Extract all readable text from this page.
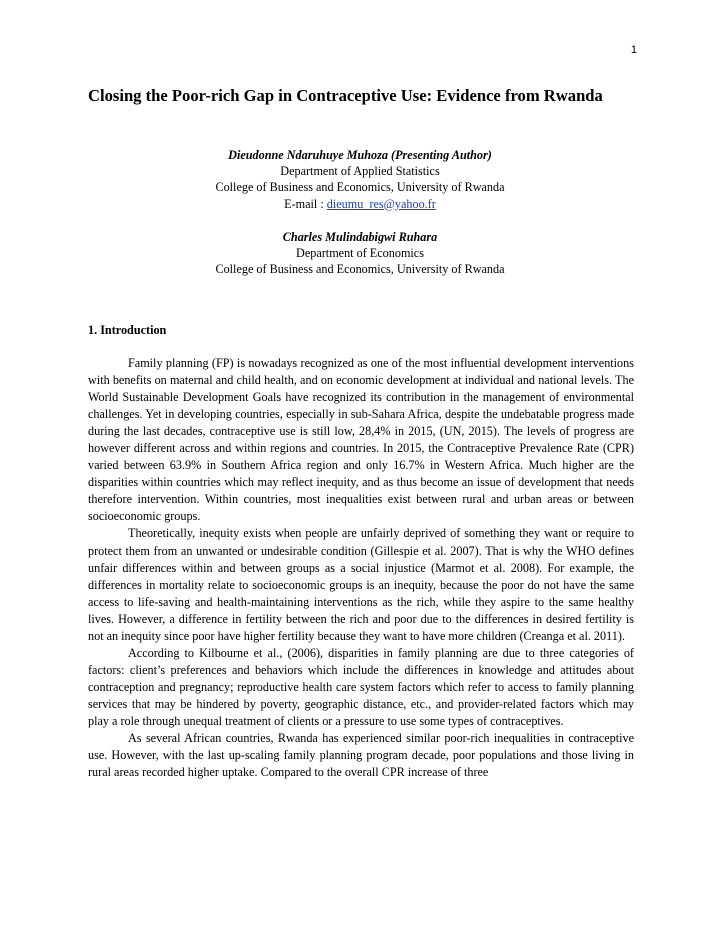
1
Closing the Poor-rich Gap in Contraceptive Use: Evidence from Rwanda
Dieudonne Ndaruhuye Muhoza (Presenting Author)
Department of Applied Statistics
College of Business and Economics, University of Rwanda
E-mail : dieumu_res@yahoo.fr
Charles Mulindabigwi Ruhara
Department of Economics
College of Business and Economics, University of Rwanda
1. Introduction

Family planning (FP) is nowadays recognized as one of the most influential development interventions with benefits on maternal and child health, and on economic development at individual and national levels. The World Sustainable Development Goals have recognized its contribution in the management of environmental challenges. Yet in developing countries, especially in sub-Sahara Africa, despite the undebatable progress made during the last decades, contraceptive use is still low, 28,4% in 2015, (UN, 2015). The levels of progress are however different across and within regions and countries. In 2015, the Contraceptive Prevalence Rate (CPR) varied between 63.9% in Southern Africa region and only 16.7% in Western Africa. Much higher are the disparities within countries which may reflect inequity, and as thus become an issue of development that needs therefore intervention. Within countries, most inequalities exist between rural and urban areas or between socioeconomic groups.

Theoretically, inequity exists when people are unfairly deprived of something they want or require to protect them from an unwanted or undesirable condition (Gillespie et al. 2007). That is why the WHO defines unfair differences within and between groups as a social injustice (Marmot et al. 2008). For example, the differences in mortality relate to socioeconomic groups is an inequity, because the poor do not have the same access to life-saving and health-maintaining interventions as the rich, while they aspire to the same healthy lives. However, a difference in fertility between the rich and poor due to the differences in desired fertility is not an inequity since poor have higher fertility because they want to have more children (Creanga et al. 2011).

According to Kilbourne et al., (2006), disparities in family planning are due to three categories of factors: client’s preferences and behaviors which include the differences in knowledge and attitudes about contraception and pregnancy; reproductive health care system factors which refer to access to family planning services that may be hindered by poverty, geographic distance, etc., and provider-related factors which may play a role through unequal treatment of clients or a pressure to use some types of contraceptives.

As several African countries, Rwanda has experienced similar poor-rich inequalities in contraceptive use. However, with the last up-scaling family planning program decade, poor populations and those living in rural areas recorded higher uptake. Compared to the overall CPR increase of three
